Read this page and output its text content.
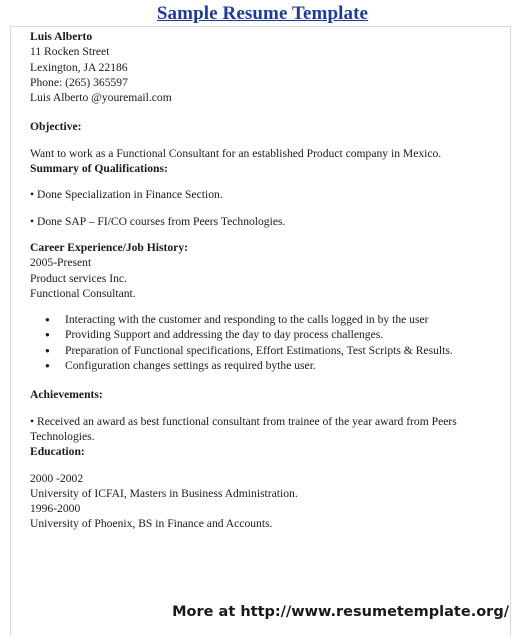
Sample Resume Template
Luis Alberto
11 Rocken Street
Lexington, JA 22186
Phone: (265) 365597
Luis Alberto @youremail.com
Objective:
Want to work as a Functional Consultant for an established Product company in Mexico.
Summary of Qualifications:
• Done Specialization in Finance Section.
• Done SAP – FI/CO courses from Peers Technologies.
Career Experience/Job History:
2005-Present
Product services Inc.
Functional Consultant.
● Interacting with the customer and responding to the calls logged in by the user
● Providing Support and addressing the day to day process challenges.
● Preparation of Functional specifications, Effort Estimations, Test Scripts & Results.
● Configuration changes settings as required bythe user.
Achievements:
• Received an award as best functional consultant from trainee of the year award from Peers Technologies.
Education:
2000 -2002
University of ICFAI, Masters in Business Administration.
1996-2000
University of Phoenix, BS in Finance and Accounts.
More at http://www.resumetemplate.org/
